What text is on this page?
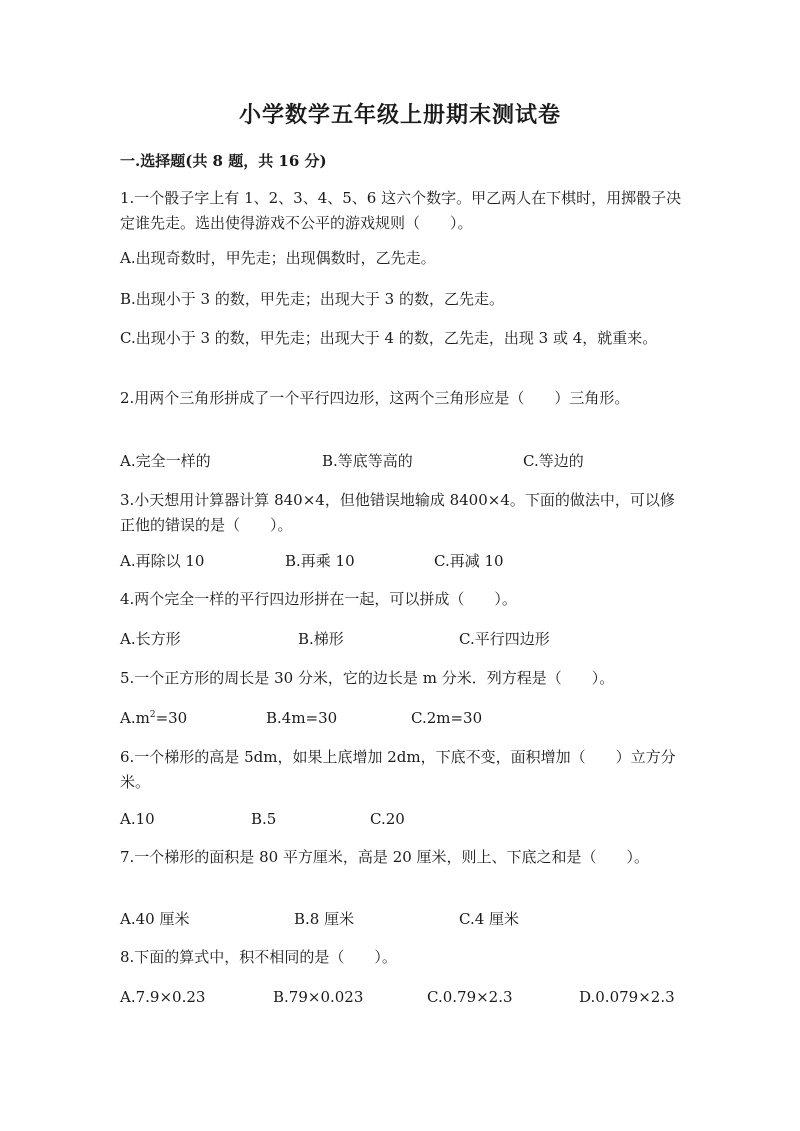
小学数学五年级上册期末测试卷
一.选择题(共 8 题，共 16 分)
1.一个骰子字上有 1、2、3、4、5、6 这六个数字。甲乙两人在下棋时，用掷骰子决定谁先走。选出使得游戏不公平的游戏规则（　　）。
A.出现奇数时，甲先走；出现偶数时，乙先走。
B.出现小于 3 的数，甲先走；出现大于 3 的数，乙先走。
C.出现小于 3 的数，甲先走；出现大于 4 的数，乙先走，出现 3 或 4，就重来。
2.用两个三角形拼成了一个平行四边形，这两个三角形应是（　　）三角形。
A.完全一样的	B.等底等高的	C.等边的
3.小天想用计算器计算 840×4，但他错误地输成 8400×4。下面的做法中，可以修正他的错误的是（　　）。
A.再除以 10	B.再乘 10	C.再减 10
4.两个完全一样的平行四边形拼在一起，可以拼成（　　）。
A.长方形	B.梯形	C.平行四边形
5.一个正方形的周长是 30 分米，它的边长是 m 分米．列方程是（　　）。
$A.m^2=30$	B.4m=30	C.2m=30
6.一个梯形的高是 5dm，如果上底增加 2dm，下底不变，面积增加（　　）立方分米。
A.10	B.5	C.20
7.一个梯形的面积是 80 平方厘米，高是 20 厘米，则上、下底之和是（　　）。
A.40 厘米	B.8 厘米	C.4 厘米
8.下面的算式中，积不相同的是（　　）。
A.7.9×0.23	B.79×0.023	C.0.79×2.3	D.0.079×2.3
